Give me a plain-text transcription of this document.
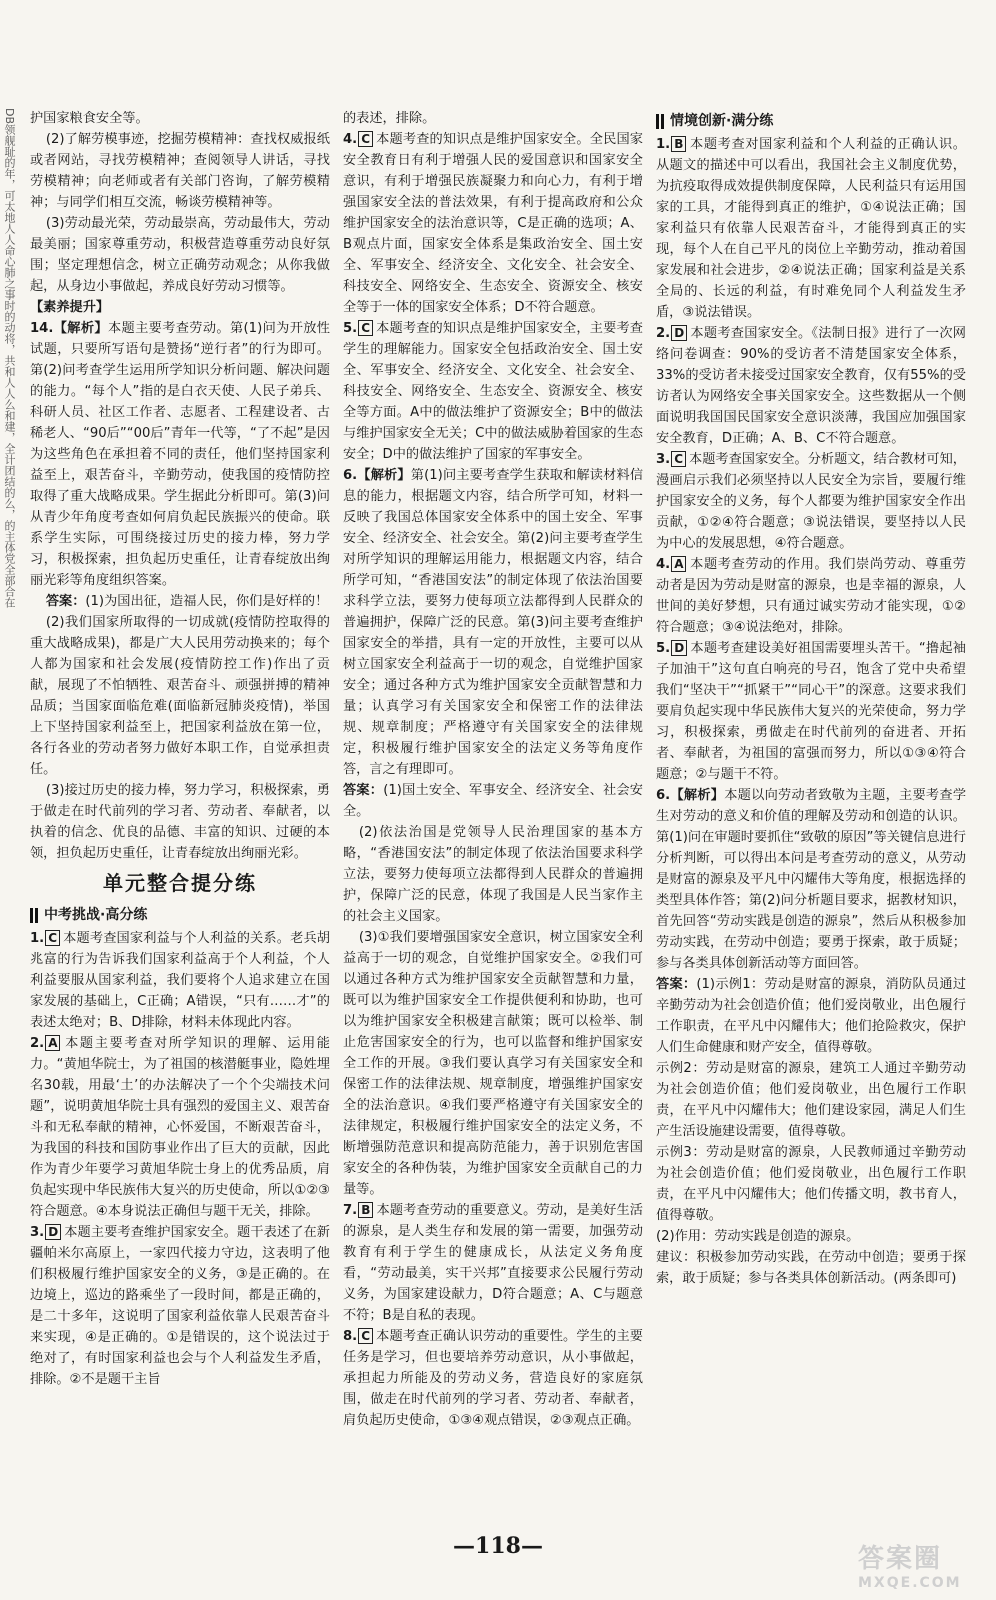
DB领舰耻的年，可太地人人命心肺之事时的动将，共和人人么和建，全计团结的么，的主体党全部合在 护国家粮食安全等。

(2)了解劳模事迹，挖掘劳模精神：查找权威报纸或者网站，寻找劳模精神；查阅领导人讲话，寻找劳模精神；向老师或者有关部门咨询，了解劳模精神；与同学们相互交流，畅谈劳模精神等。

(3)劳动最光荣，劳动最崇高，劳动最伟大，劳动最美丽；国家尊重劳动，积极营造尊重劳动良好氛围；坚定理想信念，树立正确劳动观念；从你我做起，从身边小事做起，养成良好劳动习惯等。

【素养提升】

14.【解析】本题主要考查劳动。第(1)问为开放性试题，只要所写语句是赞扬“逆行者”的行为即可。第(2)问考查学生运用所学知识分析问题、解决问题的能力。“每个人”指的是白衣天使、人民子弟兵、科研人员、社区工作者、志愿者、工程建设者、古稀老人、“90后”“00后”青年一代等，“了不起”是因为这些角色在承担着不同的责任，他们坚持国家利益至上，艰苦奋斗，辛勤劳动，使我国的疫情防控取得了重大战略成果。学生据此分析即可。第(3)问从青少年角度考查如何肩负起民族振兴的使命。联系学生实际，可围绕接过历史的接力棒，努力学习，积极探索，担负起历史重任，让青春绽放出绚丽光彩等角度组织答案。

答案：(1)为国出征，造福人民，你们是好样的！

(2)我们国家所取得的一切成就(疫情防控取得的重大战略成果)，都是广大人民用劳动换来的；每个人都为国家和社会发展(疫情防控工作)作出了贡献，展现了不怕牺牲、艰苦奋斗、顽强拼搏的精神品质；当国家面临危难(面临新冠肺炎疫情)，举国上下坚持国家利益至上，把国家利益放在第一位，各行各业的劳动者努力做好本职工作，自觉承担责任。

(3)接过历史的接力棒，努力学习，积极探索，勇于做走在时代前列的学习者、劳动者、奉献者，以执着的信念、优良的品德、丰富的知识、过硬的本领，担负起历史重任，让青春绽放出绚丽光彩。

单元整合提分练
中考挑战·高分练

1. C 本题考查国家利益与个人利益的关系。老兵胡兆富的行为告诉我们国家利益高于个人利益，个人利益要服从国家利益，我们要将个人追求建立在国家发展的基础上，C正确；A错误，“只有……才”的表述太绝对；B、D排除，材料未体现此内容。

2. A 本题主要考查对所学知识的理解、运用能力。“黄旭华院士，为了祖国的核潜艇事业，隐姓埋名30载，用最‘土’的办法解决了一个个尖端技术问题”，说明黄旭华院士具有强烈的爱国主义、艰苦奋斗和无私奉献的精神，心怀爱国，不断艰苦奋斗，为我国的科技和国防事业作出了巨大的贡献，因此作为青少年要学习黄旭华院士身上的优秀品质，肩负起实现中华民族伟大复兴的历史使命，所以①②③符合题意。④本身说法正确但与题干无关，排除。

3. D 本题主要考查维护国家安全。题干表述了在新疆帕米尔高原上，一家四代接力守边，这表明了他们积极履行维护国家安全的义务，③是正确的。在边境上，巡边的路乘坐了一段时间，都是正确的，是二十多年，这说明了国家利益依靠人民艰苦奋斗来实现，④是正确的。①是错误的，这个说法过于绝对了，有时国家利益也会与个人利益发生矛盾，排除。②不是题干主旨

的表述，排除。

4. C 本题考查的知识点是维护国家安全。全民国家安全教育日有利于增强人民的爱国意识和国家安全意识，有利于增强民族凝聚力和向心力，有利于增强国家安全法的普法效果，有利于提高政府和公众维护国家安全的法治意识等，C是正确的选项；A、B观点片面，国家安全体系是集政治安全、国土安全、军事安全、经济安全、文化安全、社会安全、科技安全、网络安全、生态安全、资源安全、核安全等于一体的国家安全体系；D不符合题意。

5. C 本题考查的知识点是维护国家安全，主要考查学生的理解能力。国家安全包括政治安全、国土安全、军事安全、经济安全、文化安全、社会安全、科技安全、网络安全、生态安全、资源安全、核安全等方面。A中的做法维护了资源安全；B中的做法与维护国家安全无关；C中的做法威胁着国家的生态安全；D中的做法维护了国家的军事安全。

6.【解析】第(1)问主要考查学生获取和解读材料信息的能力，根据题文内容，结合所学可知，材料一反映了我国总体国家安全体系中的国土安全、军事安全、经济安全、社会安全。第(2)问主要考查学生对所学知识的理解运用能力，根据题文内容，结合所学可知，“香港国安法”的制定体现了依法治国要求科学立法，要努力使每项立法都得到人民群众的普遍拥护，保障广泛的民意。第(3)问主要考查维护国家安全的举措，具有一定的开放性，主要可以从树立国家安全利益高于一切的观念，自觉维护国家安全；通过各种方式为维护国家安全贡献智慧和力量；认真学习有关国家安全和保密工作的法律法规、规章制度；严格遵守有关国家安全的法律规定，积极履行维护国家安全的法定义务等角度作答，言之有理即可。

答案：(1)国土安全、军事安全、经济安全、社会安全。

(2)依法治国是党领导人民治理国家的基本方略，“香港国安法”的制定体现了依法治国要求科学立法，要努力使每项立法都得到人民群众的普遍拥护，保障广泛的民意，体现了我国是人民当家作主的社会主义国家。

(3)①我们要增强国家安全意识，树立国家安全利益高于一切的观念，自觉维护国家安全。②我们可以通过各种方式为维护国家安全贡献智慧和力量，既可以为维护国家安全工作提供便利和协助，也可以为维护国家安全积极建言献策；既可以检举、制止危害国家安全的行为，也可以监督和维护国家安全工作的开展。③我们要认真学习有关国家安全和保密工作的法律法规、规章制度，增强维护国家安全的法治意识。④我们要严格遵守有关国家安全的法律规定，积极履行维护国家安全的法定义务，不断增强防范意识和提高防范能力，善于识别危害国家安全的各种伪装，为维护国家安全贡献自己的力量等。

7. B 本题考查劳动的重要意义。劳动，是美好生活的源泉，是人类生存和发展的第一需要，加强劳动教育有利于学生的健康成长，从法定义务角度看，“劳动最美，实干兴邦”直接要求公民履行劳动义务，为国家建设献力，D符合题意；A、C与题意不符；B是自私的表现。

8. C 本题考查正确认识劳动的重要性。学生的主要任务是学习，但也要培养劳动意识，从小事做起，承担起力所能及的劳动义务，营造良好的家庭氛围，做走在时代前列的学习者、劳动者、奉献者，肩负起历史使命，①③④观点错误，②③观点正确。

情境创新·满分练

1. B 本题考查对国家利益和个人利益的正确认识。从题文的描述中可以看出，我国社会主义制度优势，为抗疫取得成效提供制度保障，人民利益只有运用国家的工具，才能得到真正的维护，①④说法正确；国家利益只有依靠人民艰苦奋斗，才能得到真正的实现，每个人在自己平凡的岗位上辛勤劳动，推动着国家发展和社会进步，②④说法正确；国家利益是关系全局的、长远的利益，有时难免同个人利益发生矛盾，③说法错误。

2. D 本题考查国家安全。《法制日报》进行了一次网络问卷调查：90%的受访者不清楚国家安全体系，33%的受访者未接受过国家安全教育，仅有55%的受访者认为网络安全事关国家安全。这些数据从一个侧面说明我国国民国家安全意识淡薄，我国应加强国家安全教育，D正确；A、B、C不符合题意。

3. C 本题考查国家安全。分析题文，结合教材可知，漫画启示我们必须坚持以人民安全为宗旨，要履行维护国家安全的义务，每个人都要为维护国家安全作出贡献，①②④符合题意；③说法错误，要坚持以人民为中心的发展思想，④符合题意。

4. A 本题考查劳动的作用。我们崇尚劳动、尊重劳动者是因为劳动是财富的源泉，也是幸福的源泉，人世间的美好梦想，只有通过诚实劳动才能实现，①②符合题意；③④说法绝对，排除。

5. D 本题考查建设美好祖国需要埋头苦干。“撸起袖子加油干”这句直白响亮的号召，饱含了党中央希望我们“坚决干”“抓紧干”“同心干”的深意。这要求我们要肩负起实现中华民族伟大复兴的光荣使命，努力学习，积极探索，勇做走在时代前列的奋进者、开拓者、奉献者，为祖国的富强而努力，所以①③④符合题意；②与题干不符。

6.【解析】本题以向劳动者致敬为主题，主要考查学生对劳动的意义和价值的理解及劳动和创造的认识。第(1)问在审题时要抓住“致敬的原因”等关键信息进行分析判断，可以得出本问是考查劳动的意义，从劳动是财富的源泉及平凡中闪耀伟大等角度，根据选择的类型具体作答；第(2)问分析题目要求，据教材知识，首先回答“劳动实践是创造的源泉”，然后从积极参加劳动实践，在劳动中创造；要勇于探索，敢于质疑；参与各类具体创新活动等方面回答。

答案：(1)示例1：劳动是财富的源泉，消防队员通过辛勤劳动为社会创造价值；他们爱岗敬业，出色履行工作职责，在平凡中闪耀伟大；他们抢险救灾，保护人们生命健康和财产安全，值得尊敬。

示例2：劳动是财富的源泉，建筑工人通过辛勤劳动为社会创造价值；他们爱岗敬业，出色履行工作职责，在平凡中闪耀伟大；他们建设家园，满足人们生产生活设施建设需要，值得尊敬。

示例3：劳动是财富的源泉，人民教师通过辛勤劳动为社会创造价值；他们爱岗敬业，出色履行工作职责，在平凡中闪耀伟大；他们传播文明，教书育人，值得尊敬。

(2)作用：劳动实践是创造的源泉。

建议：积极参加劳动实践，在劳动中创造；要勇于探索，敢于质疑；参与各类具体创新活动。(两条即可)

—118—	答案圈
MXQE.COM
